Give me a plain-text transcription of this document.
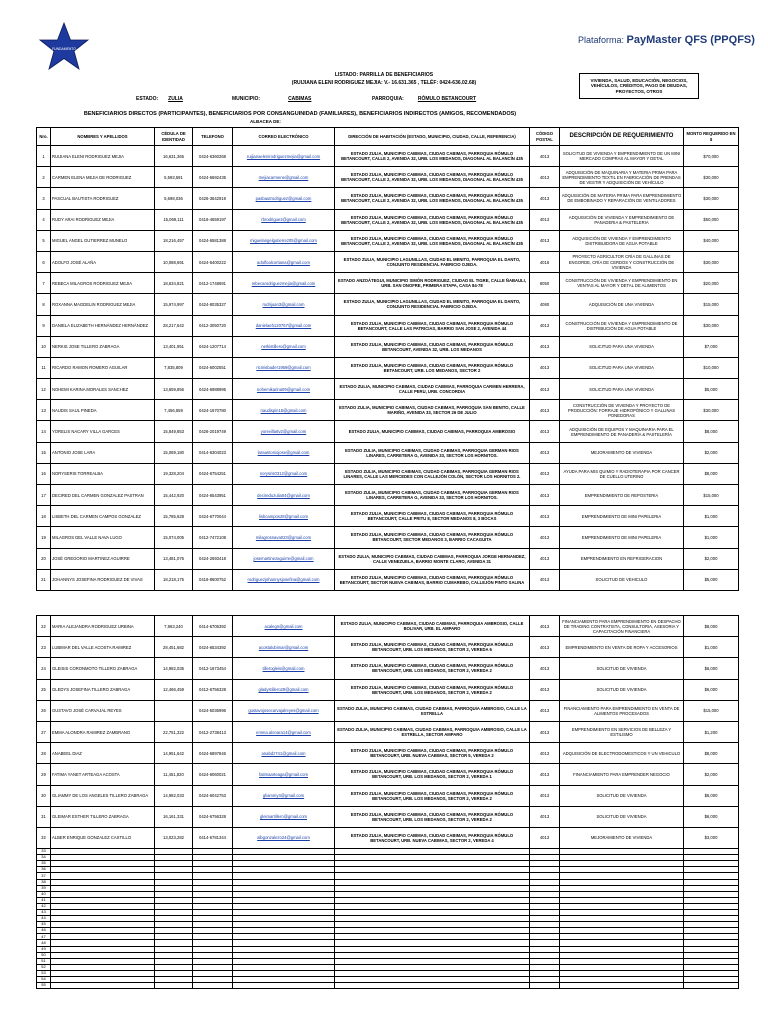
FUNDAMENTO
Plataforma: PayMaster QFS (PPQFS)
LISTADO: PARRILLA DE BENEFICIARIOS
(RUIJIANA ELENI RODRIGUEZ MEJIA: V.- 16.631.365 , TELÉF: 0424-636.02.68)
ESTADO: ZULIA	MUNICIPIO:	CABIMAS	PARROQUIA:	RÓMULO BETANCOURT
VIVIENDA, SALUD, EDUCACIÓN, NEGOCIOS, VEHÍCULOS, CRÉDITOS, PAGO DE DEUDAS, PROYECTOS, OTROS
BENEFICIARIOS DIRECTOS (PARTICIPANTES), BENEFICIARIOS POR CONSANGUINIDAD (FAMILIARES), BENEFICIARIOS INDIRECTOS (AMIGOS, RECOMENDADOS)
ALBACEA DE:
Nro.	NOMBRES Y APELLIDOS	CÉDULA DE IDENTIDAD	TELEFONO	CORREO ELECTRÓNICO	DIRECCIÓN DE HABITACIÓN (ESTADO, MUNICIPIO, CIUDAD, CALLE, REFERENCIA)	CÓDIGO POSTAL	DESCRIPCIÓN DE REQUERIMIENTO	MONTO REQUERIDO EN $
1	RUIJIANA ELENI RODRIGUEZ MEJIA	16,631,365	0424-6360268	ruijianaelenirodriguezmejia@gmail.com	ESTADO ZULIA, MUNICIPIO CABIMAS, CIUDAD CABIMAS, PARROQUIA RÓMULO BETANCOURT, CALLE 2, AVENIDA 32, URB. LOS MEDANOS, DIAGONAL AL BALANCÍN 435	4013	SOLICITUD DE VIVIENDA Y EMPRENDIMIENTO DE UN MINI MERCADO COMPRAS AL MAYOR Y DETAL	$70,000
2	CARMEN ELENA MEJIA DE RODRIGUEZ	5,593,591	0424-6692435	mejiacarmene@gmail.com	ESTADO ZULIA, MUNICIPIO CABIMAS, CIUDAD CABIMAS, PARROQUIA RÓMULO BETANCOURT, CALLE 2, AVENIDA 32, URB. LOS MEDANOS, DIAGONAL AL BALANCÍN 435	4013	ADQUISICIÓN DE MAQUINARIA Y MATERIA PRIMA PARA EMPRENDIMIENTO TEXTIL EN FABRICACIÓN DE PRENDAS DE VESTIR Y ADQUISICIÓN DE VEHÍCULO	$30,000
3	PASCUAL BAUTISTA RODRIGUEZ	5,698,036	0426-3642919	pasbautrodriguez@gmail.com	ESTADO ZULIA, MUNICIPIO CABIMAS, CIUDAD CABIMAS, PARROQUIA RÓMULO BETANCOURT, CALLE 2, AVENIDA 32, URB. LOS MEDANOS, DIAGONAL AL BALANCÍN 435	4013	ADQUISICIÓN DE MATERIA PRIMA PARA EMPRENDIMIENTO DE EMBOBINADO Y REPARACIÓN DE VENTILADORES	$30,000
4	RUDY ARAI RODRIGUEZ MEJIA	15,069,111	0416-4659197	rbrodriguez@gmail.com	ESTADO ZULIA, MUNICIPIO CABIMAS, CIUDAD CABIMAS, PARROQUIA RÓMULO BETANCOURT, CALLE 2, AVENIDA 32, URB. LOS MEDANOS, DIAGONAL AL BALANCÍN 435	4013	ADQUISICIÓN DE VIVIENDA Y EMPRENDIMIENTO DE PANADERIA & PASTELERIA	$50,000
5	MIGUEL ANGEL GUTIERREZ MUNELO	18,216,457	0424-6581388	miguelangelgutierrez05@gmail.com	ESTADO ZULIA, MUNICIPIO CABIMAS, CIUDAD CABIMAS, PARROQUIA RÓMULO BETANCOURT, CALLE 2, AVENIDA 32, URB. LOS MEDANOS, DIAGONAL AL BALANCÍN 435	4013	ADQUISICIÓN DE VIVIENDA Y EMPRENDIMIENTO DISTRIBUIDORA DE AGUA POTABLE	$40,000
6	ADOLFO JOSÉ ALAÑA	10,088,691	0424-6400222	adolfoalcortiana@gmail.com	ESTADO ZULIA, MUNICIPIO LAGUNILLAS, CIUDAD EL MENITO, PARROQUIA EL DANTO, CONJUNTO RESIDENCIAL FABRICIO OJEDA.	4016	PROYECTO AGRICULTOR CRÍA DE GALLINAS DE ENGORDE, CRÍA DE CERDOS Y CONSTRUCCIÓN DE VIVIENDA	$30,000
7	REBECA MILAGROS RODRIGUEZ MEJIA	18,634,821	0412-1748691	rebecarodriguezmejia@gmail.com	ESTADO ANZOÁTEGUI, MUNICIPIO SIMÓN RODRIGUEZ, CIUDAD EL TIGRE, CALLE ÑABAULI, URB. SAN ONOFRE, PRIMERA ETAPA, CASA 84-78	6050	CONSTRUCCIÓN DE VIVIENDA Y EMPRENDIMIENTO EN VENTAS AL MAYOR Y DETAL DE ALIMENTOS	$20,000
8	ROXANNA MAGDELIN RODRIGUEZ MEJIA	15,974,997	0424-8035327	rodrijuan3@gmail.com	ESTADO ZULIA, MUNICIPIO LAGUNILLAS, CIUDAD EL MENITO, PARROQUIA EL DANTO, CONJUNTO RESIDENCIAL FABRICIO OJEDA.	4080	ADQUISICIÓN DE UNA VIVIENDA	$15,000
9	DANIELA ELIZABETH HERNÁNDEZ HERNÁNDEZ	28,217,642	0412-3050720	danielaeh120767@gmail.com	ESTADO ZULIA, MUNICIPIO CABIMAS, CIUDAD CABIMAS, PARROQUIA RÓMULO BETANCOURT, CALLE LAS PATRICIAS, BARRIO SAN JOSE 2, AVENIDA 44	4013	CONSTRUCCIÓN DE VIVIENDA Y EMPRENDIMIENTO DE DISTRIBUCIÓN DE AGUA POTABLE	$30,000
10	NERKIS JOSE TILLERO ZABRAGA	13,401,951	0424-1207714	nerkistillero@gmail.com	ESTADO ZULIA, MUNICIPIO CABIMAS, CIUDAD CABIMAS, PARROQUIA RÓMULO BETANCOURT, AVENIDA 32, URB. LOS MEDANOS	4013	SOLICITUD PARA UNA VIVIENDA	$7,000
11	RICARDO RAMON ROMERO AGUILAR	7,835,809	0424-6002551	ricmisbader1959@gmail.com	ESTADO ZULIA, MUNICIPIO CABIMAS, CIUDAD CABIMAS, PARROQUIA RÓMULO BETANCOURT, URB. LOS MEDANOS, SECTOR 2	4013	SOLICITUD PARA UNA VIVIENDA	$10,000
12	NOHEMI KARINA MORALES SANCHEZ	13,659,856	0424-6988995	nohemikarina09@gmail.com	ESTADO ZULIA, MUNICIPIO CABIMAS, CIUDAD CABIMAS, PARROQUIA CARMEN HERRERA, CALLE PERU, URB. CONCORDIA	4013	SOLICITUD PARA UNA VIVIENDA	$5,000
13	NAUDIS SAUL PINEDA	7,456,559	0424-1670780	naudispin15@gmail.com	ESTADO ZULIA, MUNICIPIO CABIMAS, CIUDAD CABIMAS, PARROQUIA SAN BENITO, CALLE MARIÑO, AVENIDA 33, SECTOR 26 DE JULIO	4013	CONSTRUCCIÓN DE VIVIENDA Y PROYECTO DE PRODUCCIÓN: FORRAJE HIDROPÓNICO Y GALLINAS PONEDORAS	$30,000
14	YORELIS NACARY VILLA GARCES	15,849,853	0426-2019749	yorevilla8v2@gmail.com	ESTADO ZULIA, MUNICIPIO CABIMAS, CIUDAD CABIMAS, PARROQUIA AMBROSIO	4013	ADQUISICIÓN DE EQUIPOS Y MAQUINARIA PARA EL EMPRENDIMIENTO DE PANADERÍA & PASTELERÍA	$8,000
15	ANTONIO JOSE LARA	15,069,180	0414-6304023	laraantoniojose@gmail.com	ESTADO ZULIA, MUNICIPIO CABIMAS, CIUDAD CABIMAS, PARROQUIA GERMAN RIOS LINARES, CARRETERA G, AVENIDA 33, SECTOR LOS HORNITOS.	4013	MEJORAMIENTO DE VIVIENDA	$2,000
16	NORYSERIS TORREALBA	19,328,204	0424-6754251	norysris0312@gmail.com	ESTADO ZULIA, MUNICIPIO CABIMAS, CIUDAD CABIMAS, PARROQUIA GERMAN RIOS LINARES, CALLE LAS MERCEDES CON CALLEJÓN COLÓN, SECTOR LOS HORNITOS 2.	4013	AYUDA PARA MIS QUIMIO Y RADIOTERAPIA POR CANCER DE CUELLO UTERINO	$8,000
17	DECIRED DEL CARMEN GONZALEZ PASTRAN	15,442,920	0424-6543951	decireduzulia04@gmail.com	ESTADO ZULIA, MUNICIPIO CABIMAS, CIUDAD CABIMAS, PARROQUIA GERMAN RIOS LINARES, CARRETERA G, AVENIDA 33, SECTOR LOS HORNITOS.	4013	EMPRENDIMIENTO DE REPOSTERIA	$15,000
18	LISBETH DEL CARMEN CAMPOS GONZALEZ	15,785,628	0424-6770044	lisbcampos28@gmail.com	ESTADO ZULIA, MUNICIPIO CABIMAS, CIUDAD CABIMAS, PARROQUIA RÓMULO BETANCOURT, CALLE PRITU 8, SECTOR MEDANOS 8, 3 BOCAS	4013	EMPRENDIMIENTO DE MINI PAPELERIA	$1,000
19	MILAGROS DEL VALLE NAVA LUGO	15,074,005	0412-7472108	milagrosnava023@gmail.com	ESTADO ZULIA, MUNICIPIO CABIMAS, CIUDAD CABIMAS, PARROQUIA RÓMULO BETANCOURT, SECTOR MEDANOS 3, BARRIO CACAGUITA	4013	EMPRENDIMIENTO DE MINI PAPELERIA	$1,000
20	JOSÉ GREGORIO MARTINEZ AGUIRRE	13,481,076	0424-2693418	josemartinezaguirre@gmail.com	ESTADO ZULIA, MUNICIPIO CABIMAS, CIUDAD CABIMAS, PARROQUIA JORGE HERNANDEZ, CALLE VENEZUELA, BARRIO MONTE CLARO, AVENIDA 31	4013	EMPRENDIMIENTO EN REFRIGERACION	$2,000
21	JOHANNYS JOSEFINA RODRIGUEZ DE VIVAS	18,218,175	0416-8600752	rodriguezjohannysjosefina@gmail.com	ESTADO ZULIA, MUNICIPIO CABIMAS, CIUDAD CABIMAS, PARROQUIA RÓMULO BETANCOURT, SECTOR NUEVA CABIMAS, BARRIO CUMAREBO, CALLEJÓN PINTO SALINA	4013	SOLICITUD DE VEHICULO	$5,000
22	MARIA ALEJANDRA RODRIGUEZ URBINA	7,963,240	0414-6706392	acalegn@gmail.com	ESTADO ZULIA, MUNICIPIO CABIMAS, CIUDAD CABIMAS, PARROQUIA AMBROSIO, CALLE BOLIVAR, URB. EL AMPARO	4013	FINANCIAMIENTO PARA EMPRENDIMIENTO EN DESPACHO DE TRADING CONTRATISTA, CONSULTORIA, ASESORIA Y CAPACITACIÓN FINANCIERA	$8,000
23	LUBIMAR DEL VALLE ACOSTA RAMIREZ	28,451,682	0424-6534392	acostalubimar@gmail.com	ESTADO ZULIA, MUNICIPIO CABIMAS, CIUDAD CABIMAS, PARROQUIA RÓMULO BETANCOURT, URB. LOS MEDANOS, SECTOR 2, VEREDA 6	4013	EMPRENDIMIENTO EN VENTA DE ROPA Y ACCESORIOS	$1,000
24	GLEISIS CORONMOTO TILLERO ZABRAGA	14,982,035	0412-1673454	tillerogleis@gmail.com	ESTADO ZULIA, MUNICIPIO CABIMAS, CIUDAD CABIMAS, PARROQUIA RÓMULO BETANCOURT, URB. LOS MEDANOS, SECTOR 2, VEREDA 2	4013	SOLICITUD DE VIVIENDA	$6,000
25	GLEDYS JOSEFINA TILLERO ZABRAGA	12,466,459	0412-6756328	gladystillero29@gmail.com	ESTADO ZULIA, MUNICIPIO CABIMAS, CIUDAD CABIMAS, PARROQUIA RÓMULO BETANCOURT, URB. LOS MEDANOS, SECTOR 2, VEREDA 2	4013	SOLICITUD DE VIVIENDA	$6,000
26	GUSTAVO JOSÉ CARVAJAL REYES		0424-5036996	gustavojosecarvajalreyes@gmail.com	ESTADO ZULIA, MUNICIPIO CABIMAS, CIUDAD CABIMAS, PARROQUIA AMBROSIO, CALLE LA ESTRELLA	4013	FINANCIAMIENTO PARA EMPRENDIMIENTO EN VENTA DE ALIMENTOS PROCESADOS	$15,000
27	EMMA ALONDRA RAMIREZ ZAMBRANO	22,751,322	0412-2738413	emma.alonara14@gmail.com	ESTADO ZULIA, MUNICIPIO CABIMAS, CIUDAD CABIMAS, PARROQUIA AMBROSIO, CALLE LA ESTRELLA, SECTOR AMPARO	4013	EMPRENDIMIENTO EN SERVICIOS DE BELLEZA Y ESTILISMO	$1,200
28	ANABEEL DIAZ	14,951,642	0424-6897846	anabdz741@gmail.com	ESTADO ZULIA, MUNICIPIO CABIMAS, CIUDAD CABIMAS, PARROQUIA RÓMULO BETANCOURT, URB. NUEVA CABIMAS, SECTOR 5, VEREDA 2	4013	ADQUISICIÓN DE ELECTRODOMESTICOS Y UN VEHICULO	$8,000
29	FATIMA YANET ARTEAGA ACOSTA	11,451,820	0424-6060021	fatimaarteaga@gmail.com	ESTADO ZULIA, MUNICIPIO CABIMAS, CIUDAD CABIMAS, PARROQUIA RÓMULO BETANCOURT, URB. LOS MEDANOS, SECTOR 2, VEREDA 1	4013	FINANCIAMIENTO PARA EMPRENDER NEGOCIO	$2,000
30	GLIAMMY DE LOS ANGELES TILLERO ZABRAGA	14,982,033	0424-6042753	gliammy4@gmail.com	ESTADO ZULIA, MUNICIPIO CABIMAS, CIUDAD CABIMAS, PARROQUIA RÓMULO BETANCOURT, URB. LOS MEDANOS, SECTOR 2, VEREDA 2	4013	SOLICITUD DE VIVIENDA	$6,000
31	GLEIMAR ESTHER TILLERO ZABRAGA	16,161,331	0424-6756328	gleimartillero@gmail.com	ESTADO ZULIA, MUNICIPIO CABIMAS, CIUDAD CABIMAS, PARROQUIA RÓMULO BETANCOURT, URB. LOS MEDANOS, SECTOR 2, VEREDA 2	4013	SOLICITUD DE VIVIENDA	$6,000
32	ALBER ENRIQUE GONZALEZ CASTILLO	13,023,282	0414-6781344	albgonzalezo24@gmail.com	ESTADO ZULIA, MUNICIPIO CABIMAS, CIUDAD CABIMAS, PARROQUIA RÓMULO BETANCOURT, URB. NUEVA CABIMAS, SECTOR 2, VEREDA 4	4013	MEJORAMIENTO DE VIVIENDA	$3,000
33								
34								
35								
36								
37								
38								
39								
40								
41								
42								
43								
44								
45								
46								
47								
48								
49								
50								
51								
52								
53								
54								
55								
